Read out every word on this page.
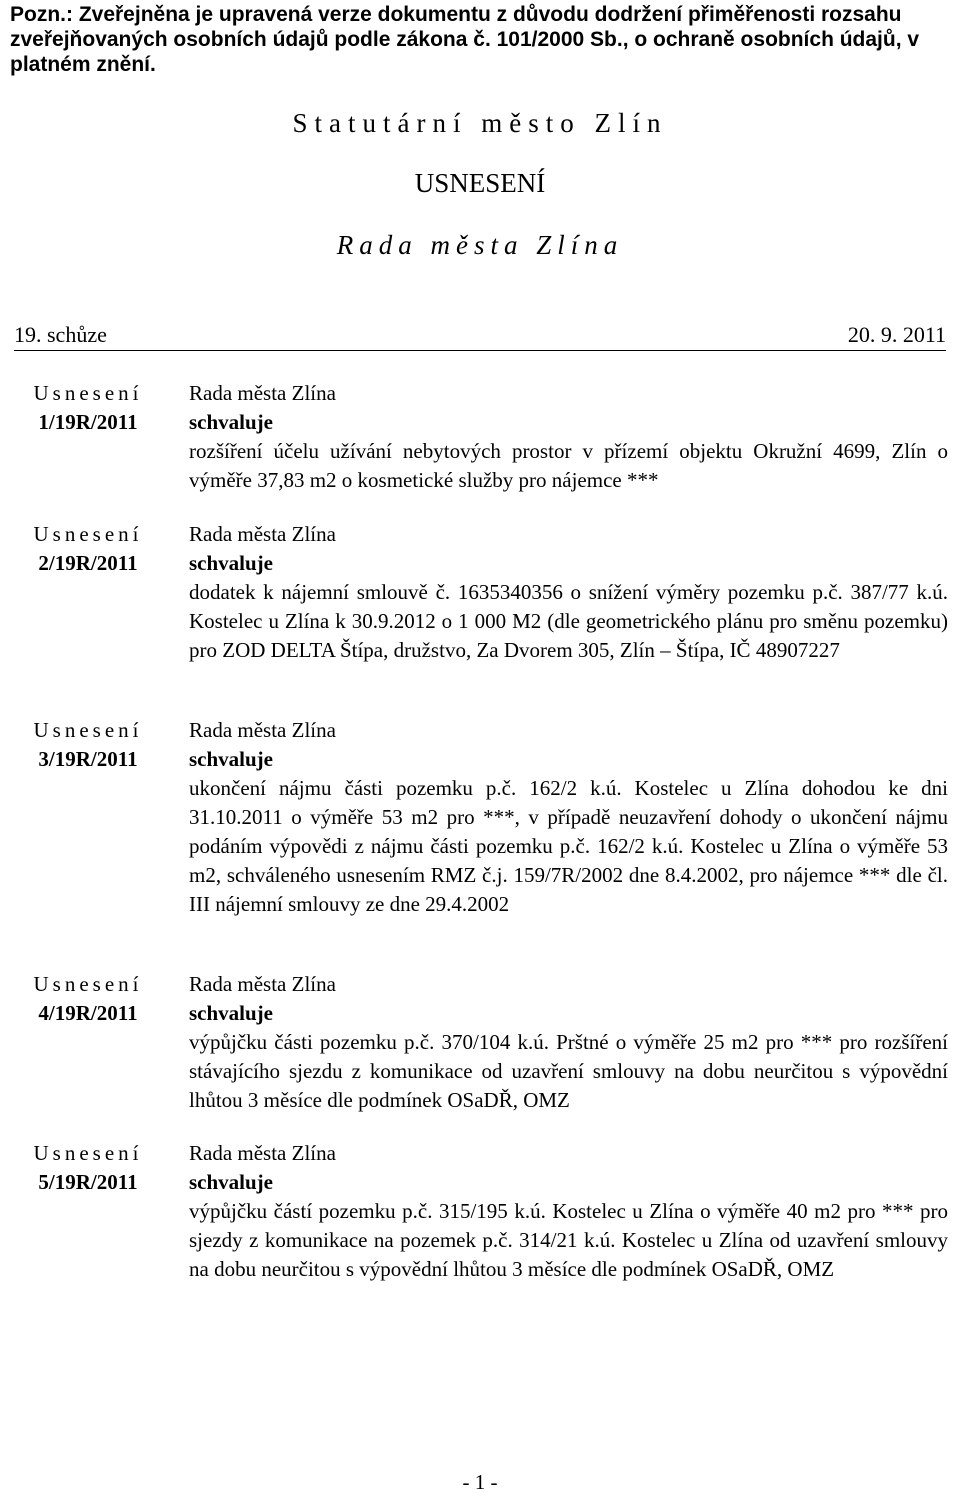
Pozn.: Zveřejněna je upravená verze dokumentu z důvodu dodržení přiměřenosti rozsahu zveřejňovaných osobních údajů podle zákona č. 101/2000 Sb., o ochraně osobních údajů, v platném znění.

Statutární město Zlín
USNESENÍ
Rada města Zlína
19. schůze	20. 9. 2011
Usnesení
1/19R/2011
Rada města Zlína
schvaluje
rozšíření účelu užívání nebytových prostor v přízemí objektu Okružní 4699, Zlín o výměře 37,83 m2 o kosmetické služby pro nájemce ***
Usnesení
2/19R/2011
Rada města Zlína
schvaluje
dodatek k nájemní smlouvě č. 1635340356 o snížení výměry pozemku p.č. 387/77 k.ú. Kostelec u Zlína k 30.9.2012 o 1 000 M2 (dle geometrického plánu pro směnu pozemku) pro ZOD DELTA Štípa, družstvo, Za Dvorem 305, Zlín – Štípa, IČ 48907227
Usnesení
3/19R/2011
Rada města Zlína
schvaluje
ukončení nájmu části pozemku p.č. 162/2 k.ú. Kostelec u Zlína dohodou ke dni 31.10.2011 o výměře 53 m2 pro ***, v případě neuzavření dohody o ukončení nájmu podáním výpovědi z nájmu části pozemku p.č. 162/2 k.ú. Kostelec u Zlína o výměře 53 m2, schváleného usnesením RMZ č.j. 159/7R/2002 dne 8.4.2002, pro nájemce *** dle čl. III nájemní smlouvy ze dne 29.4.2002
Usnesení
4/19R/2011
Rada města Zlína
schvaluje
výpůjčku části pozemku p.č. 370/104 k.ú. Prštné o výměře 25 m2 pro *** pro rozšíření stávajícího sjezdu z komunikace od uzavření smlouvy na dobu neurčitou s výpovědní lhůtou 3 měsíce dle podmínek OSaDŘ, OMZ
Usnesení
5/19R/2011
Rada města Zlína
schvaluje
výpůjčku částí pozemku p.č. 315/195 k.ú. Kostelec u Zlína o výměře 40 m2 pro *** pro sjezdy z komunikace na pozemek p.č. 314/21 k.ú. Kostelec u Zlína od uzavření smlouvy na dobu neurčitou s výpovědní lhůtou 3 měsíce dle podmínek OSaDŘ, OMZ
- 1 -
